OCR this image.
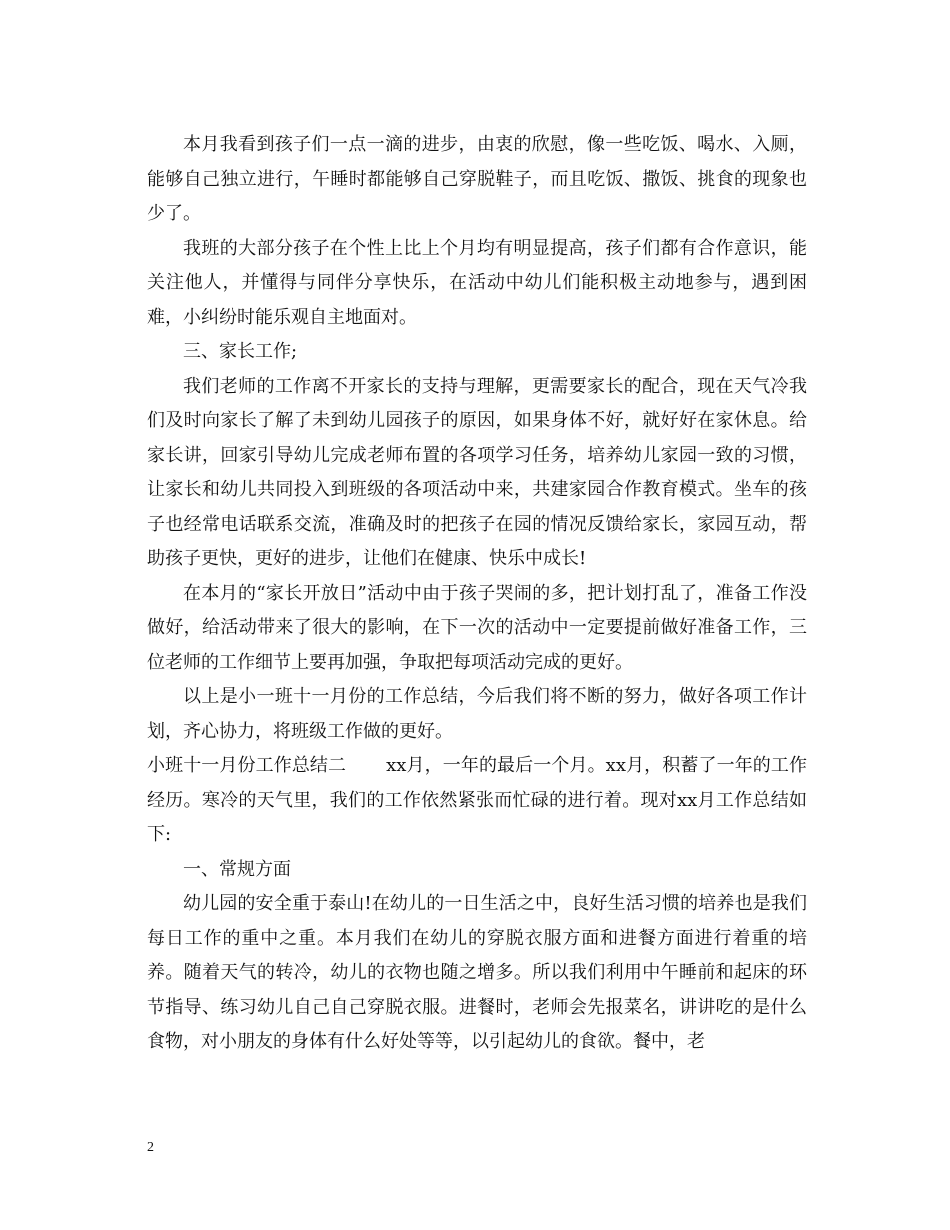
本月我看到孩子们一点一滴的进步，由衷的欣慰，像一些吃饭、喝水、入厕，能够自己独立进行，午睡时都能够自己穿脱鞋子，而且吃饭、撒饭、挑食的现象也少了。

我班的大部分孩子在个性上比上个月均有明显提高，孩子们都有合作意识，能关注他人，并懂得与同伴分享快乐，在活动中幼儿们能积极主动地参与，遇到困难，小纠纷时能乐观自主地面对。

三、家长工作;

我们老师的工作离不开家长的支持与理解，更需要家长的配合，现在天气冷我们及时向家长了解了未到幼儿园孩子的原因，如果身体不好，就好好在家休息。给家长讲，回家引导幼儿完成老师布置的各项学习任务，培养幼儿家园一致的习惯，让家长和幼儿共同投入到班级的各项活动中来，共建家园合作教育模式。坐车的孩子也经常电话联系交流，准确及时的把孩子在园的情况反馈给家长，家园互动，帮助孩子更快，更好的进步，让他们在健康、快乐中成长!

在本月的“家长开放日”活动中由于孩子哭闹的多，把计划打乱了，准备工作没做好，给活动带来了很大的影响，在下一次的活动中一定要提前做好准备工作，三位老师的工作细节上要再加强，争取把每项活动完成的更好。

以上是小一班十一月份的工作总结，今后我们将不断的努力，做好各项工作计划，齐心协力，将班级工作做的更好。

小班十一月份工作总结二 xx月，一年的最后一个月。xx月，积蓄了一年的工作经历。寒冷的天气里，我们的工作依然紧张而忙碌的进行着。现对xx月工作总结如下:

一、常规方面

幼儿园的安全重于泰山!在幼儿的一日生活之中，良好生活习惯的培养也是我们每日工作的重中之重。本月我们在幼儿的穿脱衣服方面和进餐方面进行着重的培养。随着天气的转冷，幼儿的衣物也随之增多。所以我们利用中午睡前和起床的环节指导、练习幼儿自己自己穿脱衣服。进餐时，老师会先报菜名，讲讲吃的是什么食物，对小朋友的身体有什么好处等等，以引起幼儿的食欲。餐中，老

2
